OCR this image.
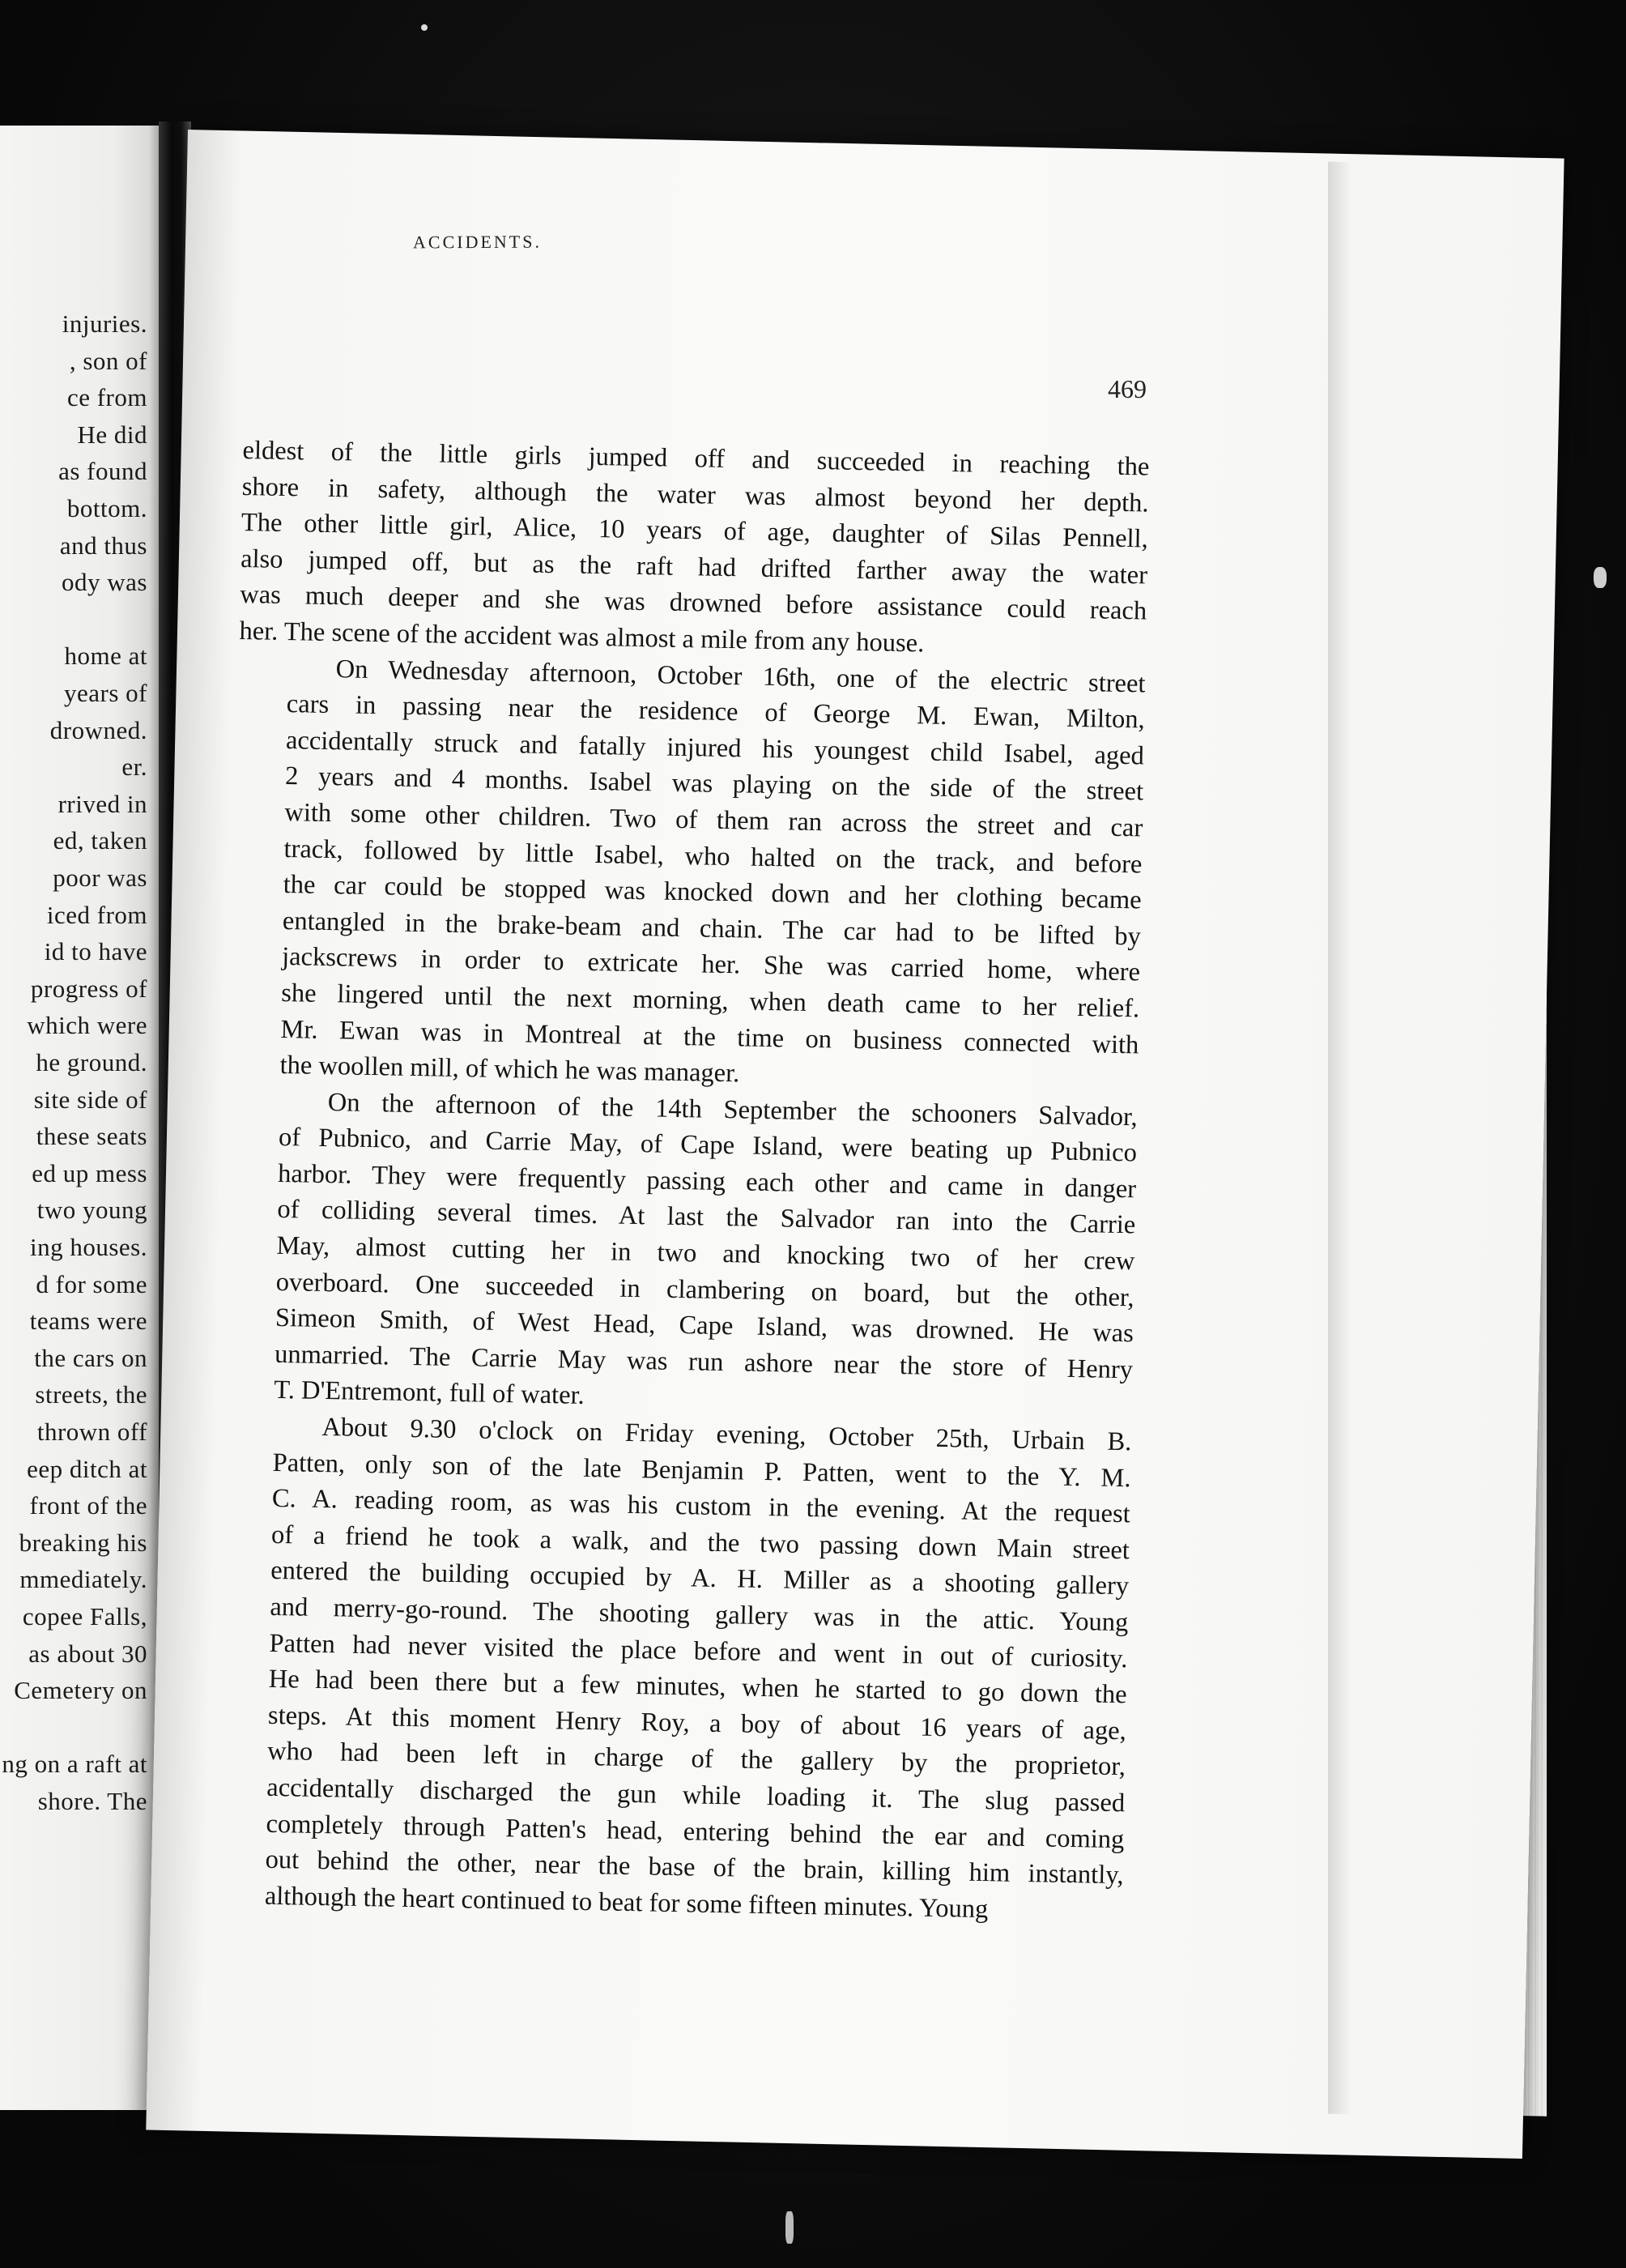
injuries.
, son of
ce from
He did
as found
bottom.
and thus
ody was
home at
years of
drowned.
er.
rrived in
ed, taken
poor was
iced from
id to have
progress of
which were
he ground.
site side of
these seats
ed up mess
two young
ing houses.
d for some
teams were
the cars on
streets, the
thrown off
eep ditch at
front of the
breaking his
mmediately.
copee Falls,
as about 30
Cemetery on
ng on a raft at
shore. The
ACCIDENTS.
469
eldest of the little girls jumped off and succeeded in reaching the
shore in safety, although the water was almost beyond her depth.
The other little girl, Alice, 10 years of age, daughter of Silas Pennell,
also jumped off, but as the raft had drifted farther away the water
was much deeper and she was drowned before assistance could reach
her. The scene of the accident was almost a mile from any house.
On Wednesday afternoon, October 16th, one of the electric street
cars in passing near the residence of George M. Ewan, Milton,
accidentally struck and fatally injured his youngest child Isabel, aged
2 years and 4 months. Isabel was playing on the side of the street
with some other children. Two of them ran across the street and car
track, followed by little Isabel, who halted on the track, and before
the car could be stopped was knocked down and her clothing became
entangled in the brake-beam and chain. The car had to be lifted by
jackscrews in order to extricate her. She was carried home, where
she lingered until the next morning, when death came to her relief.
Mr. Ewan was in Montreal at the time on business connected with
the woollen mill, of which he was manager.
On the afternoon of the 14th September the schooners Salvador,
of Pubnico, and Carrie May, of Cape Island, were beating up Pubnico
harbor. They were frequently passing each other and came in danger
of colliding several times. At last the Salvador ran into the Carrie
May, almost cutting her in two and knocking two of her crew
overboard. One succeeded in clambering on board, but the other,
Simeon Smith, of West Head, Cape Island, was drowned. He was
unmarried. The Carrie May was run ashore near the store of Henry
T. D'Entremont, full of water.
About 9.30 o'clock on Friday evening, October 25th, Urbain B.
Patten, only son of the late Benjamin P. Patten, went to the Y. M.
C. A. reading room, as was his custom in the evening. At the request
of a friend he took a walk, and the two passing down Main street
entered the building occupied by A. H. Miller as a shooting gallery
and merry-go-round. The shooting gallery was in the attic. Young
Patten had never visited the place before and went in out of curiosity.
He had been there but a few minutes, when he started to go down the
steps. At this moment Henry Roy, a boy of about 16 years of age,
who had been left in charge of the gallery by the proprietor,
accidentally discharged the gun while loading it. The slug passed
completely through Patten's head, entering behind the ear and coming
out behind the other, near the base of the brain, killing him instantly,
although the heart continued to beat for some fifteen minutes. Young
